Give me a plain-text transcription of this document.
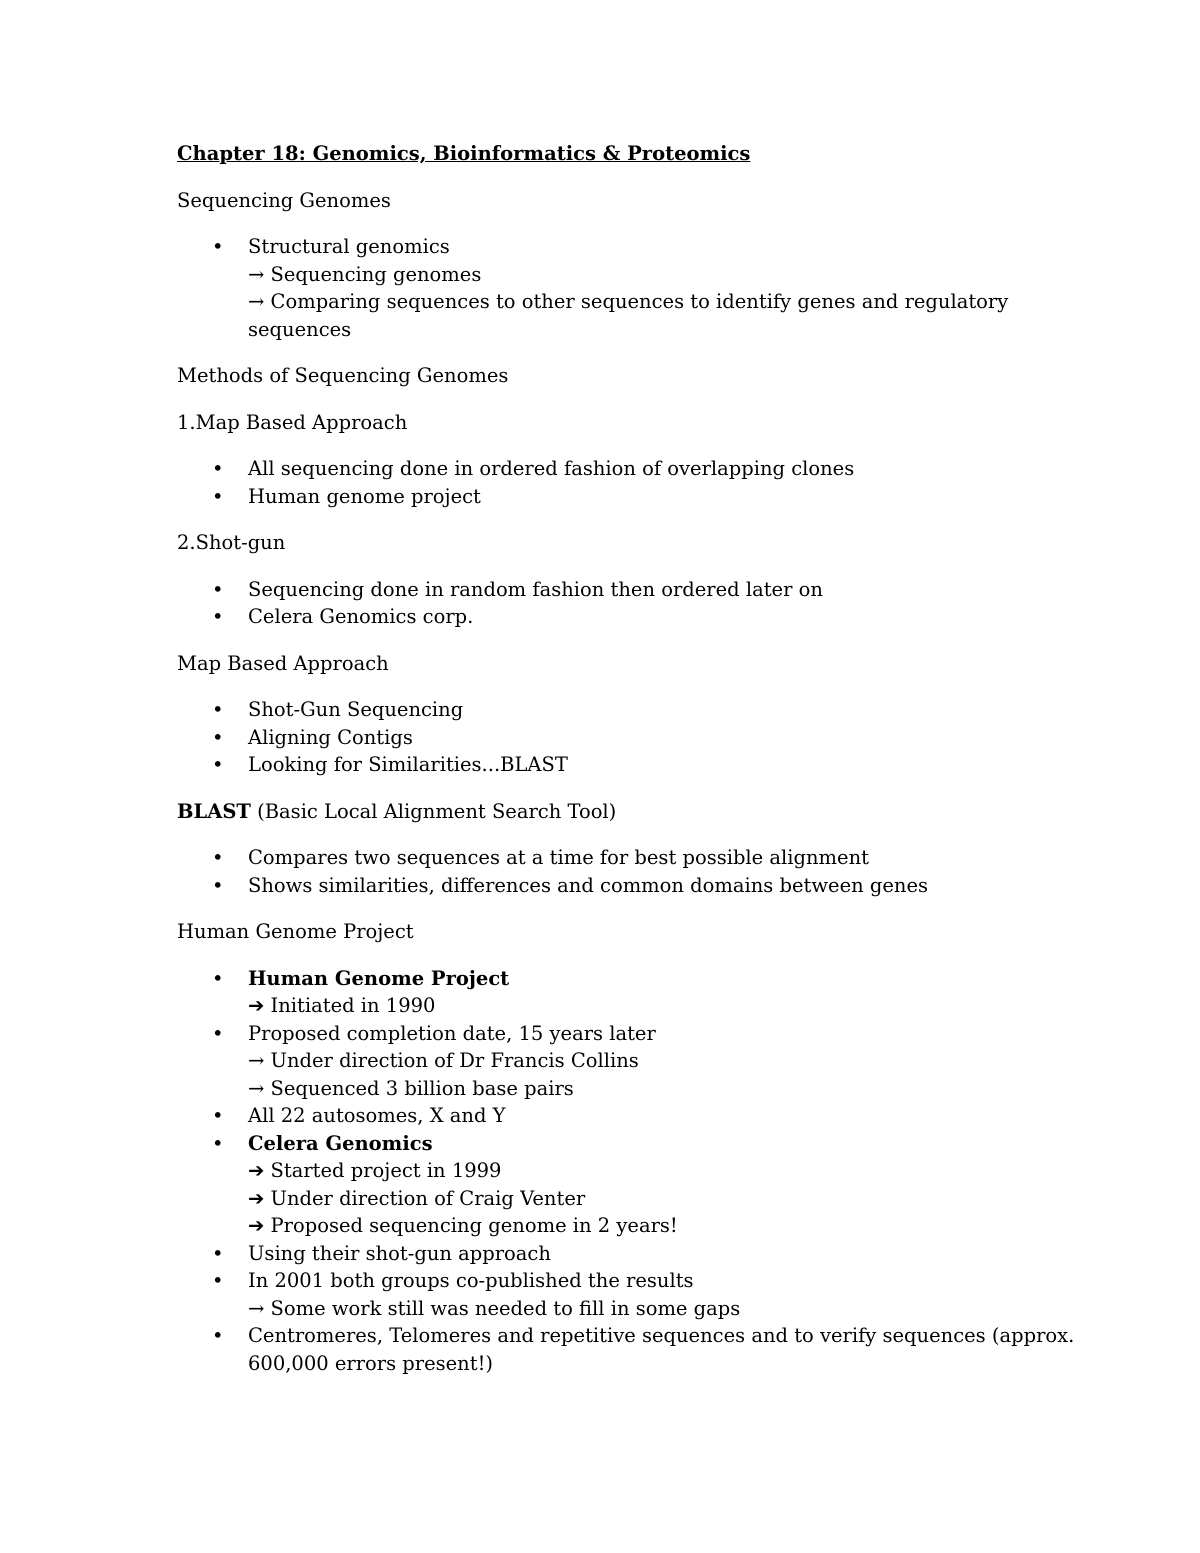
Chapter 18: Genomics, Bioinformatics & Proteomics
Sequencing Genomes
• Structural genomics
→ Sequencing genomes
→ Comparing sequences to other sequences to identify genes and regulatory sequences
Methods of Sequencing Genomes
1.Map Based Approach
• All sequencing done in ordered fashion of overlapping clones
• Human genome project
2.Shot-gun
• Sequencing done in random fashion then ordered later on
• Celera Genomics corp.
Map Based Approach
• Shot-Gun Sequencing
• Aligning Contigs
• Looking for Similarities...BLAST
BLAST (Basic Local Alignment Search Tool)
• Compares two sequences at a time for best possible alignment
• Shows similarities, differences and common domains between genes
Human Genome Project
• Human Genome Project
➔ Initiated in 1990
• Proposed completion date, 15 years later
→ Under direction of Dr Francis Collins
→ Sequenced 3 billion base pairs
• All 22 autosomes, X and Y
• Celera Genomics
➔ Started project in 1999
➔ Under direction of Craig Venter
➔ Proposed sequencing genome in 2 years!
• Using their shot-gun approach
• In 2001 both groups co-published the results
→ Some work still was needed to fill in some gaps
• Centromeres, Telomeres and repetitive sequences and to verify sequences (approx. 600,000 errors present!)
